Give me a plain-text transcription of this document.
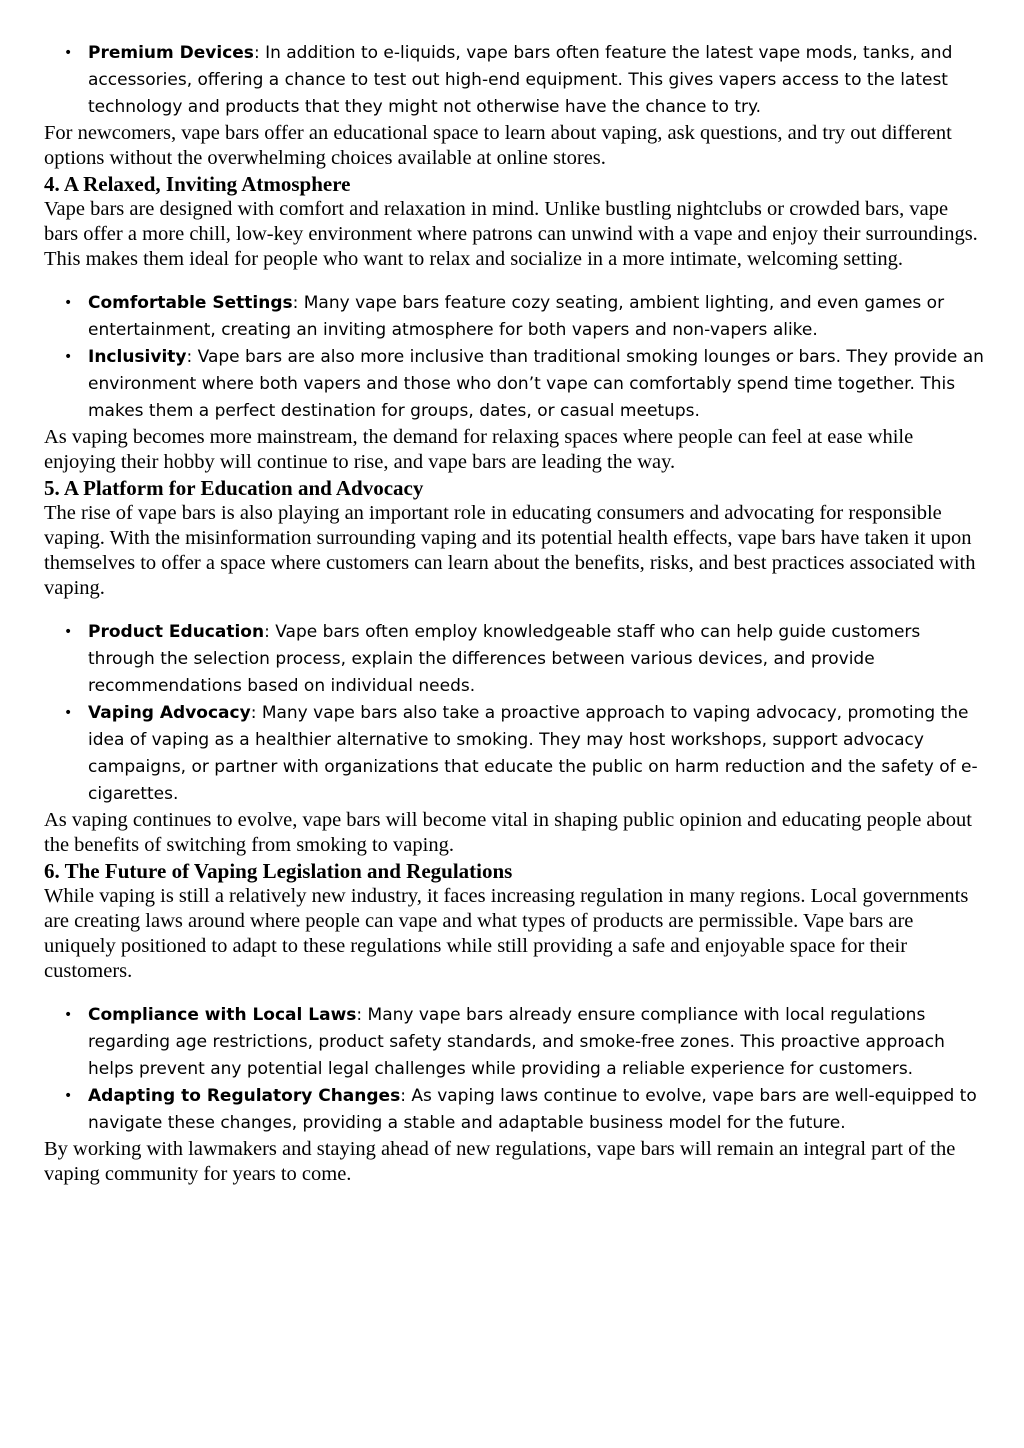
• Premium Devices: In addition to e-liquids, vape bars often feature the latest vape mods, tanks, and accessories, offering a chance to test out high-end equipment. This gives vapers access to the latest technology and products that they might not otherwise have the chance to try.

For newcomers, vape bars offer an educational space to learn about vaping, ask questions, and try out different options without the overwhelming choices available at online stores.

4. A Relaxed, Inviting Atmosphere

Vape bars are designed with comfort and relaxation in mind. Unlike bustling nightclubs or crowded bars, vape bars offer a more chill, low-key environment where patrons can unwind with a vape and enjoy their surroundings. This makes them ideal for people who want to relax and socialize in a more intimate, welcoming setting.

• Comfortable Settings: Many vape bars feature cozy seating, ambient lighting, and even games or entertainment, creating an inviting atmosphere for both vapers and non-vapers alike.
• Inclusivity: Vape bars are also more inclusive than traditional smoking lounges or bars. They provide an environment where both vapers and those who don’t vape can comfortably spend time together. This makes them a perfect destination for groups, dates, or casual meetups.

As vaping becomes more mainstream, the demand for relaxing spaces where people can feel at ease while enjoying their hobby will continue to rise, and vape bars are leading the way.

5. A Platform for Education and Advocacy

The rise of vape bars is also playing an important role in educating consumers and advocating for responsible vaping. With the misinformation surrounding vaping and its potential health effects, vape bars have taken it upon themselves to offer a space where customers can learn about the benefits, risks, and best practices associated with vaping.

• Product Education: Vape bars often employ knowledgeable staff who can help guide customers through the selection process, explain the differences between various devices, and provide recommendations based on individual needs.
• Vaping Advocacy: Many vape bars also take a proactive approach to vaping advocacy, promoting the idea of vaping as a healthier alternative to smoking. They may host workshops, support advocacy campaigns, or partner with organizations that educate the public on harm reduction and the safety of e-cigarettes.

As vaping continues to evolve, vape bars will become vital in shaping public opinion and educating people about the benefits of switching from smoking to vaping.

6. The Future of Vaping Legislation and Regulations

While vaping is still a relatively new industry, it faces increasing regulation in many regions. Local governments are creating laws around where people can vape and what types of products are permissible. Vape bars are uniquely positioned to adapt to these regulations while still providing a safe and enjoyable space for their customers.

• Compliance with Local Laws: Many vape bars already ensure compliance with local regulations regarding age restrictions, product safety standards, and smoke-free zones. This proactive approach helps prevent any potential legal challenges while providing a reliable experience for customers.
• Adapting to Regulatory Changes: As vaping laws continue to evolve, vape bars are well-equipped to navigate these changes, providing a stable and adaptable business model for the future.

By working with lawmakers and staying ahead of new regulations, vape bars will remain an integral part of the vaping community for years to come.
